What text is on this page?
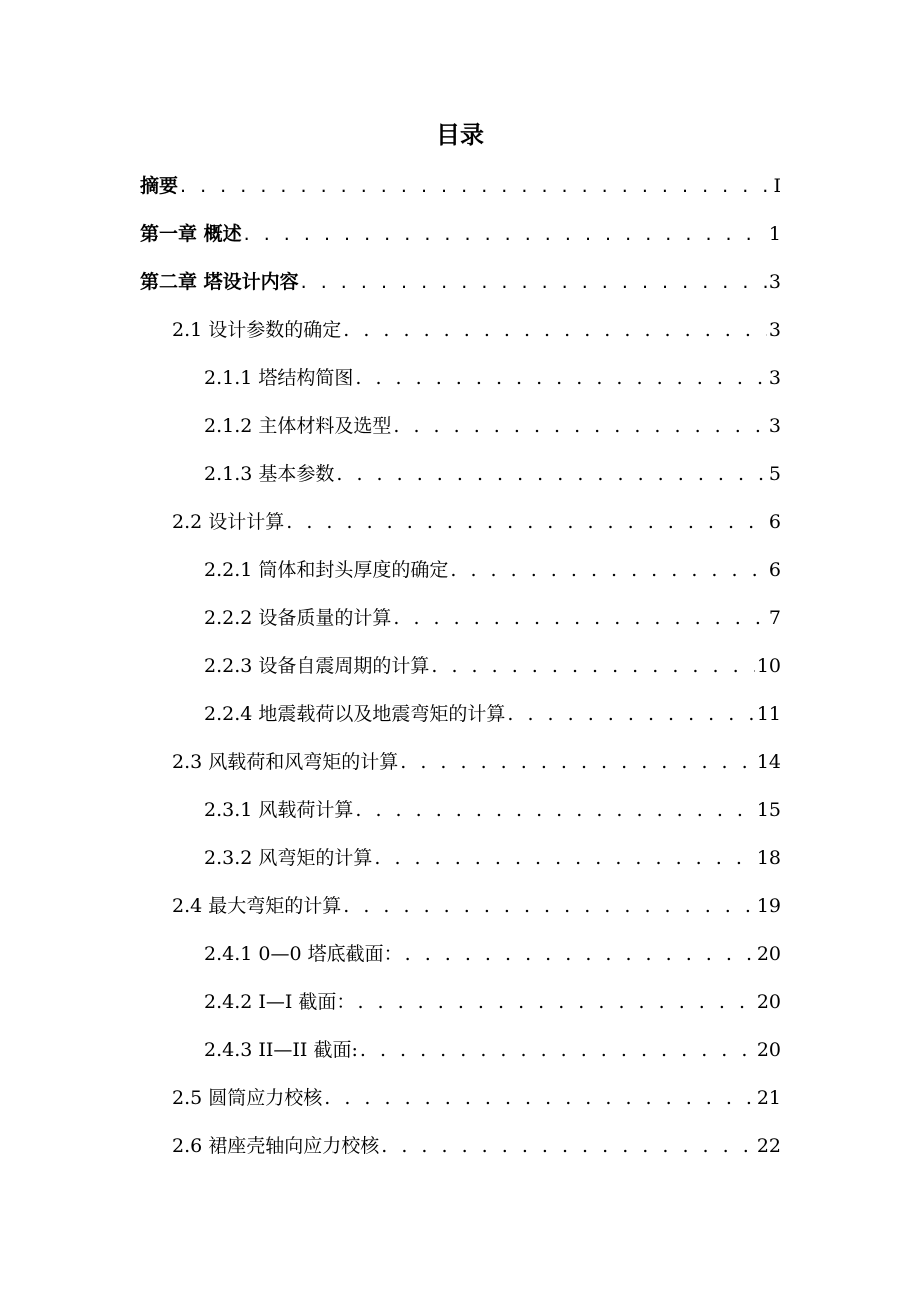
目录
摘要 . . .	I
第一章 概述 . . .	1
第二章 塔设计内容 . . .	3
2.1 设计参数的确定 . . .	3
2.1.1 塔结构简图 . . .	3
2.1.2 主体材料及选型 . . .	3
2.1.3 基本参数 . . .	5
2.2 设计计算 . . .	6
2.2.1 筒体和封头厚度的确定 . . .	6
2.2.2 设备质量的计算 . . .	7
2.2.3 设备自震周期的计算 . . .	10
2.2.4 地震载荷以及地震弯矩的计算 . . .	11
2.3 风载荷和风弯矩的计算 . . .	14
2.3.1 风载荷计算 . . .	15
2.3.2 风弯矩的计算 . . .	18
2.4 最大弯矩的计算 . . .	19
2.4.1 0—0 塔底截面： . . .	20
2.4.2 I—I 截面： . . .	20
2.4.3 II—II 截面: . . .	20
2.5 圆筒应力校核 . . .	21
2.6 裙座壳轴向应力校核 . . .	22
